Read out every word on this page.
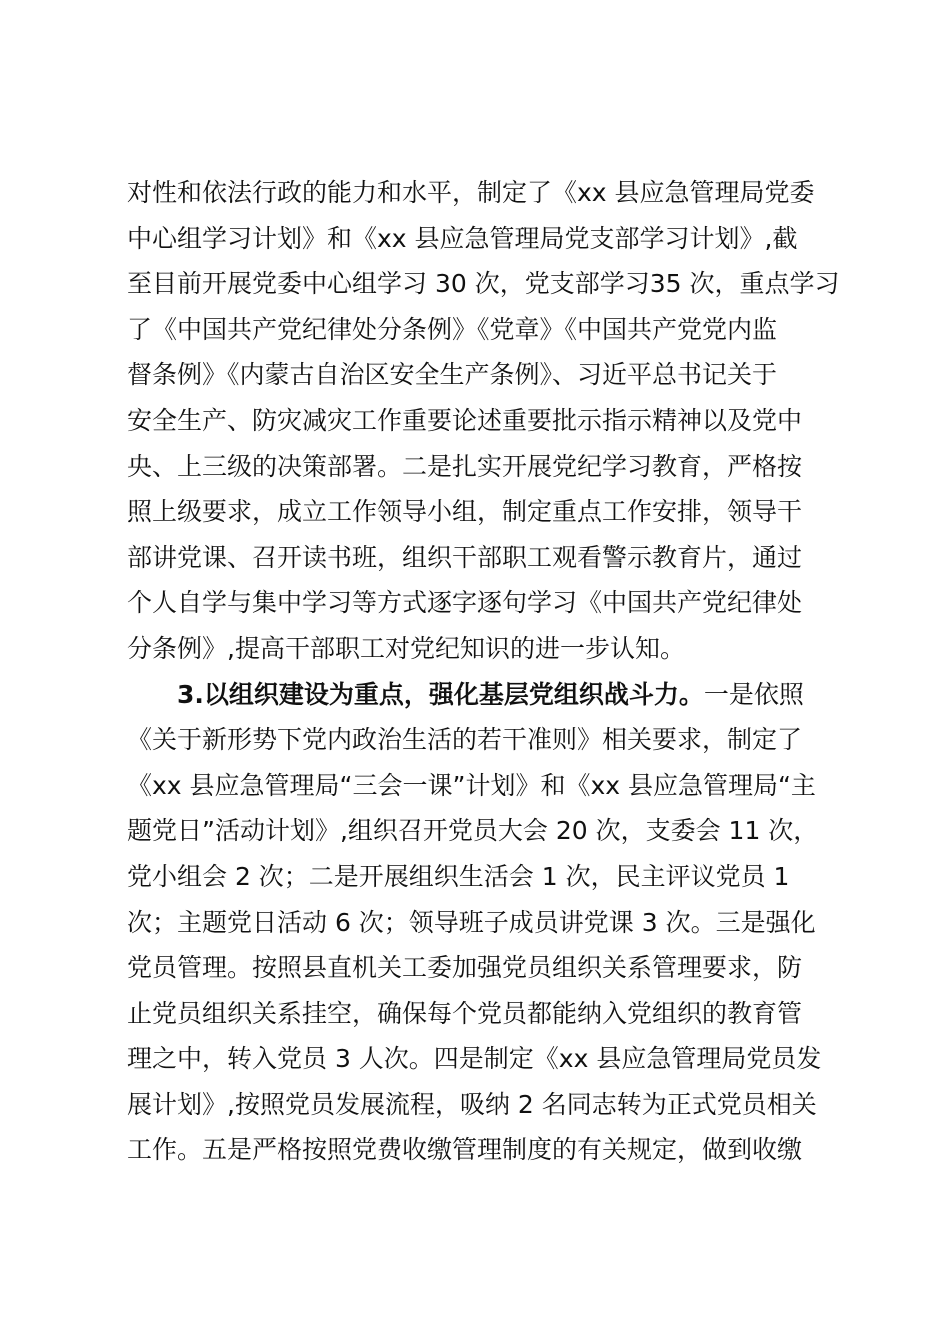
对性和依法行政的能力和水平，制定了《xx 县应急管理局党委
中心组学习计划》和《xx 县应急管理局党支部学习计划》,截
至目前开展党委中心组学习 30 次，党支部学习35 次，重点学习
了《中国共产党纪律处分条例》《党章》《中国共产党党内监
督条例》《内蒙古自治区安全生产条例》、习近平总书记关于
安全生产、防灾减灾工作重要论述重要批示指示精神以及党中
央、上三级的决策部署。二是扎实开展党纪学习教育，严格按
照上级要求，成立工作领导小组，制定重点工作安排，领导干
部讲党课、召开读书班，组织干部职工观看警示教育片，通过
个人自学与集中学习等方式逐字逐句学习《中国共产党纪律处
分条例》,提高干部职工对党纪知识的进一步认知。
3.以组织建设为重点，强化基层党组织战斗力。一是依照
《关于新形势下党内政治生活的若干准则》相关要求，制定了
《xx 县应急管理局“三会一课”计划》和《xx 县应急管理局“主
题党日”活动计划》,组织召开党员大会 20 次，支委会 11 次，
党小组会 2 次；二是开展组织生活会 1 次，民主评议党员 1
次；主题党日活动 6 次；领导班子成员讲党课 3 次。三是强化
党员管理。按照县直机关工委加强党员组织关系管理要求，防
止党员组织关系挂空，确保每个党员都能纳入党组织的教育管
理之中，转入党员 3 人次。四是制定《xx 县应急管理局党员发
展计划》,按照党员发展流程，吸纳 2 名同志转为正式党员相关
工作。五是严格按照党费收缴管理制度的有关规定，做到收缴
